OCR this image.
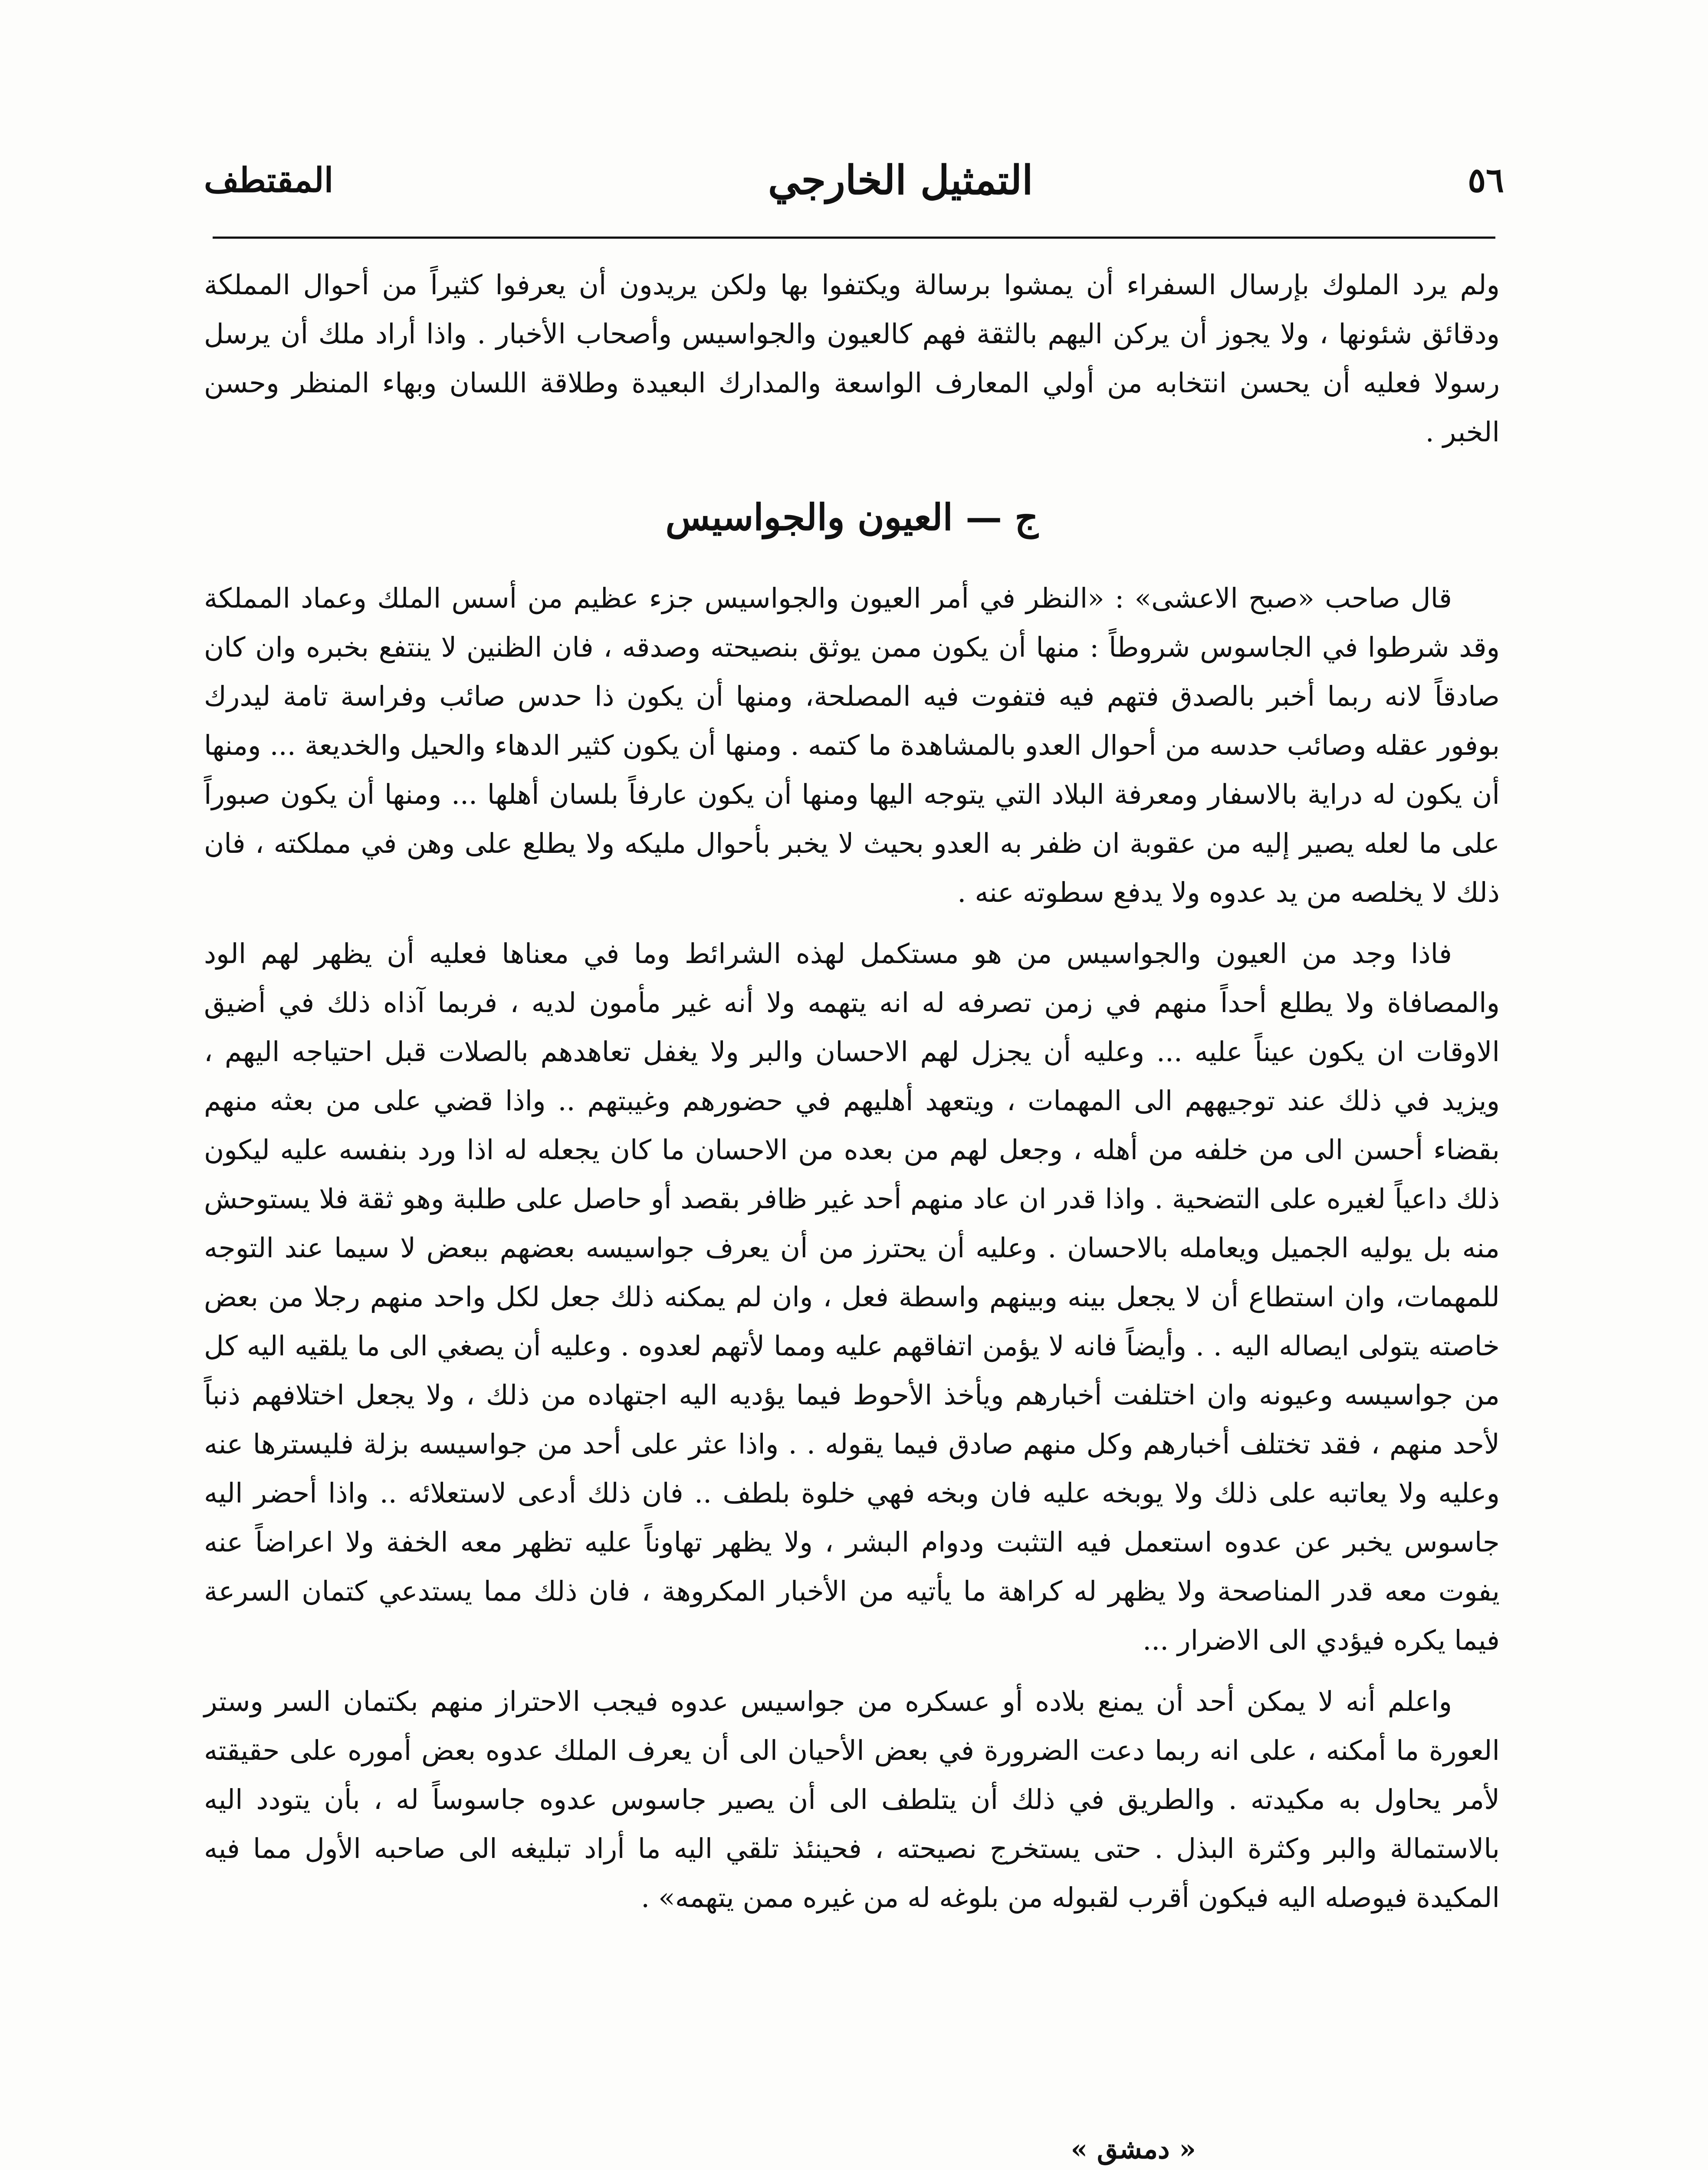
٥٦
التمثيل الخارجي
المقتطف

ولم يرد الملوك بإرسال السفراء أن يمشوا برسالة ويكتفوا بها ولكن يريدون أن يعرفوا كثيراً من أحوال المملكة ودقائق شئونها ، ولا يجوز أن يركن اليهم بالثقة فهم كالعيون والجواسيس وأصحاب الأخبار . واذا أراد ملك أن يرسل رسولا فعليه أن يحسن انتخابه من أولي المعارف الواسعة والمدارك البعيدة وطلاقة اللسان وبهاء المنظر وحسن الخبر .

ج — العيون والجواسيس

قال صاحب «صبح الاعشى» : «النظر في أمر العيون والجواسيس جزء عظيم من أسس الملك وعماد المملكة وقد شرطوا في الجاسوس شروطاً : منها أن يكون ممن يوثق بنصيحته وصدقه ، فان الظنين لا ينتفع بخبره وان كان صادقاً لانه ربما أخبر بالصدق فتهم فيه فتفوت فيه المصلحة، ومنها أن يكون ذا حدس صائب وفراسة تامة ليدرك بوفور عقله وصائب حدسه من أحوال العدو بالمشاهدة ما كتمه . ومنها أن يكون كثير الدهاء والحيل والخديعة ... ومنها أن يكون له دراية بالاسفار ومعرفة البلاد التي يتوجه اليها ومنها أن يكون عارفاً بلسان أهلها ... ومنها أن يكون صبوراً على ما لعله يصير إليه من عقوبة ان ظفر به العدو بحيث لا يخبر بأحوال مليكه ولا يطلع على وهن في مملكته ، فان ذلك لا يخلصه من يد عدوه ولا يدفع سطوته عنه .

فاذا وجد من العيون والجواسيس من هو مستكمل لهذه الشرائط وما في معناها فعليه أن يظهر لهم الود والمصافاة ولا يطلع أحداً منهم في زمن تصرفه له انه يتهمه ولا أنه غير مأمون لديه ، فربما آذاه ذلك في أضيق الاوقات ان يكون عيناً عليه ... وعليه أن يجزل لهم الاحسان والبر ولا يغفل تعاهدهم بالصلات قبل احتياجه اليهم ، ويزيد في ذلك عند توجيههم الى المهمات ، ويتعهد أهليهم في حضورهم وغيبتهم .. واذا قضي على من بعثه منهم بقضاء أحسن الى من خلفه من أهله ، وجعل لهم من بعده من الاحسان ما كان يجعله له اذا ورد بنفسه عليه ليكون ذلك داعياً لغيره على التضحية . واذا قدر ان عاد منهم أحد غير ظافر بقصد أو حاصل على طلبة وهو ثقة فلا يستوحش منه بل يوليه الجميل ويعامله بالاحسان . وعليه أن يحترز من أن يعرف جواسيسه بعضهم ببعض لا سيما عند التوجه للمهمات، وان استطاع أن لا يجعل بينه وبينهم واسطة فعل ، وان لم يمكنه ذلك جعل لكل واحد منهم رجلا من بعض خاصته يتولى ايصاله اليه . . وأيضاً فانه لا يؤمن اتفاقهم عليه ومما لأتهم لعدوه . وعليه أن يصغي الى ما يلقيه اليه كل من جواسيسه وعيونه وان اختلفت أخبارهم ويأخذ الأحوط فيما يؤديه اليه اجتهاده من ذلك ، ولا يجعل اختلافهم ذنباً لأحد منهم ، فقد تختلف أخبارهم وكل منهم صادق فيما يقوله . . واذا عثر على أحد من جواسيسه بزلة فليسترها عنه وعليه ولا يعاتبه على ذلك ولا يوبخه عليه فان وبخه فهي خلوة بلطف .. فان ذلك أدعى لاستعلائه .. واذا أحضر اليه جاسوس يخبر عن عدوه استعمل فيه التثبت ودوام البشر ، ولا يظهر تهاوناً عليه تظهر معه الخفة ولا اعراضاً عنه يفوت معه قدر المناصحة ولا يظهر له كراهة ما يأتيه من الأخبار المكروهة ، فان ذلك مما يستدعي كتمان السرعة فيما يكره فيؤدي الى الاضرار ...

واعلم أنه لا يمكن أحد أن يمنع بلاده أو عسكره من جواسيس عدوه فيجب الاحتراز منهم بكتمان السر وستر العورة ما أمكنه ، على انه ربما دعت الضرورة في بعض الأحيان الى أن يعرف الملك عدوه بعض أموره على حقيقته لأمر يحاول به مكيدته . والطريق في ذلك أن يتلطف الى أن يصير جاسوس عدوه جاسوساً له ، بأن يتودد اليه بالاستمالة والبر وكثرة البذل . حتى يستخرج نصيحته ، فحينئذ تلقي اليه ما أراد تبليغه الى صاحبه الأول مما فيه المكيدة فيوصله اليه فيكون أقرب لقبوله من بلوغه له من غيره ممن يتهمه» .

« دمشق »
